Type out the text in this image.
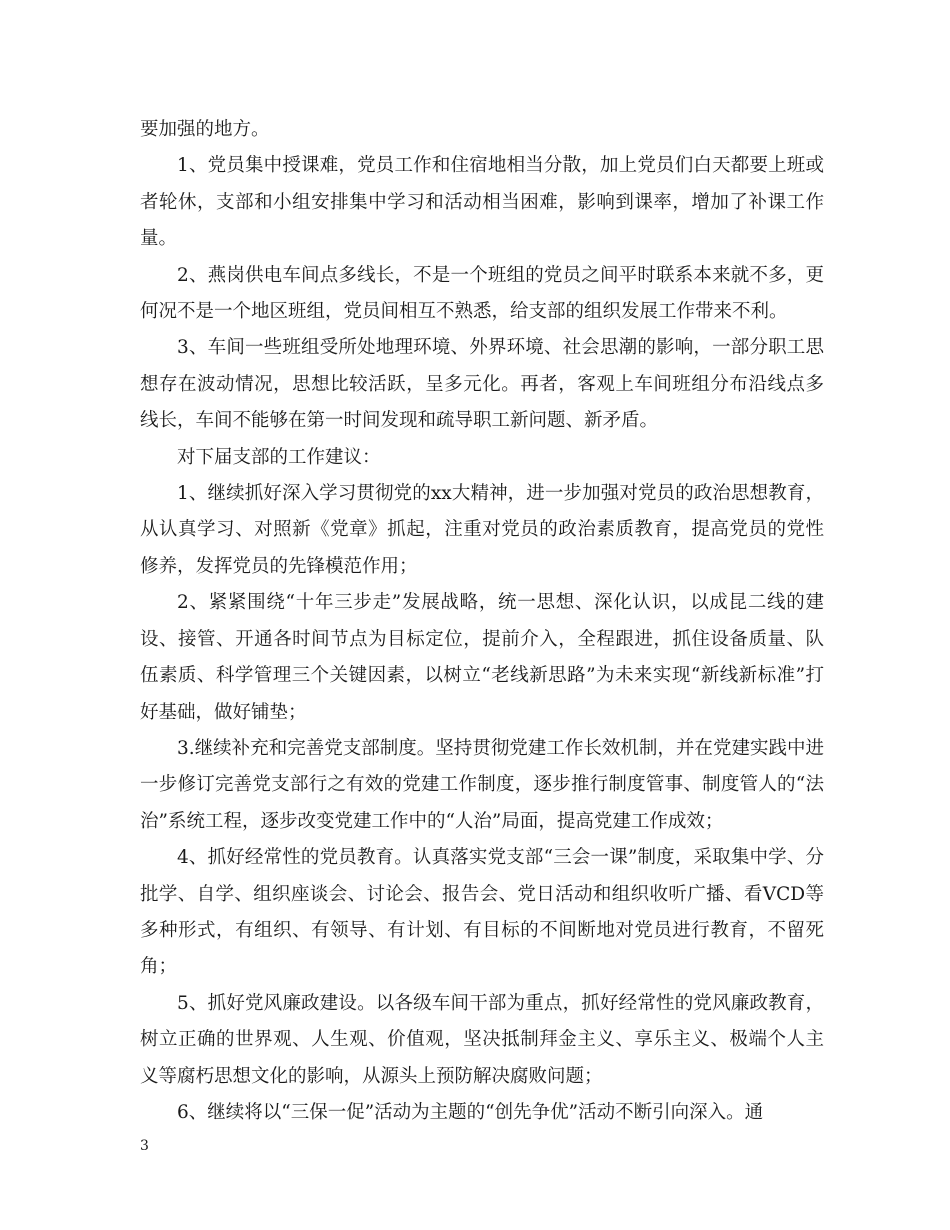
要加强的地方。

1、党员集中授课难，党员工作和住宿地相当分散，加上党员们白天都要上班或者轮休，支部和小组安排集中学习和活动相当困难，影响到课率，增加了补课工作量。

2、燕岗供电车间点多线长，不是一个班组的党员之间平时联系本来就不多，更何况不是一个地区班组，党员间相互不熟悉，给支部的组织发展工作带来不利。

3、车间一些班组受所处地理环境、外界环境、社会思潮的影响，一部分职工思想存在波动情况，思想比较活跃，呈多元化。再者，客观上车间班组分布沿线点多线长，车间不能够在第一时间发现和疏导职工新问题、新矛盾。

对下届支部的工作建议：

1、继续抓好深入学习贯彻党的xx大精神，进一步加强对党员的政治思想教育，从认真学习、对照新《党章》抓起，注重对党员的政治素质教育，提高党员的党性修养，发挥党员的先锋模范作用；

2、紧紧围绕“十年三步走”发展战略，统一思想、深化认识，以成昆二线的建设、接管、开通各时间节点为目标定位，提前介入，全程跟进，抓住设备质量、队伍素质、科学管理三个关键因素，以树立“老线新思路”为未来实现“新线新标准”打好基础，做好铺垫；

3.继续补充和完善党支部制度。坚持贯彻党建工作长效机制，并在党建实践中进一步修订完善党支部行之有效的党建工作制度，逐步推行制度管事、制度管人的“法治”系统工程，逐步改变党建工作中的“人治”局面，提高党建工作成效；

4、抓好经常性的党员教育。认真落实党支部“三会一课”制度，采取集中学、分批学、自学、组织座谈会、讨论会、报告会、党日活动和组织收听广播、看VCD等多种形式，有组织、有领导、有计划、有目标的不间断地对党员进行教育，不留死角；

5、抓好党风廉政建设。以各级车间干部为重点，抓好经常性的党风廉政教育，树立正确的世界观、人生观、价值观，坚决抵制拜金主义、享乐主义、极端个人主义等腐朽思想文化的影响，从源头上预防解决腐败问题；

6、继续将以“三保一促”活动为主题的“创先争优”活动不断引向深入。通

3
